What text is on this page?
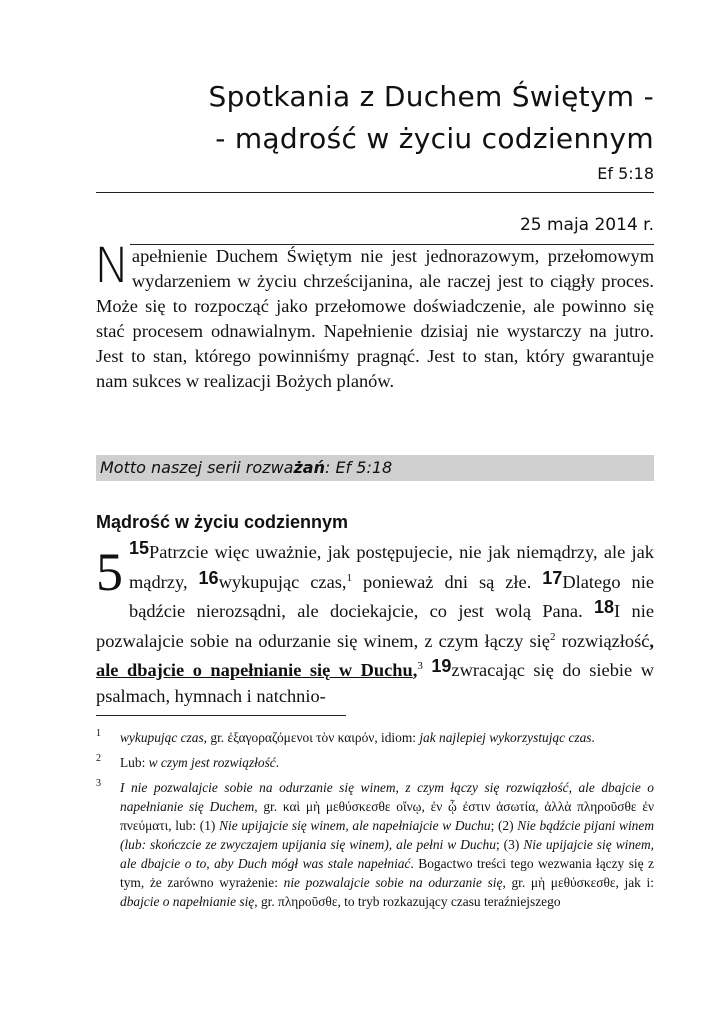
Spotkania z Duchem Świętym -
- mądrość w życiu codziennym
Ef 5:18
25 maja 2014 r.
Napełnienie Duchem Świętym nie jest jednorazowym, przełomowym wydarzeniem w życiu chrześcijanina, ale raczej jest to ciągły proces. Może się to rozpocząć jako przełomowe doświadczenie, ale powinno się stać procesem odnawialnym. Napełnienie dzisiaj nie wystarczy na jutro. Jest to stan, którego powinniśmy pragnąć. Jest to stan, który gwarantuje nam sukces w realizacji Bożych planów.
Motto naszej serii rozważań: Ef 5:18
Mądrość w życiu codziennym
5 15Patrzcie więc uważnie, jak postępujecie, nie jak niemądrzy, ale jak mądrzy, 16wykupując czas,$^1$ ponieważ dni są złe. 17Dlatego nie bądźcie nierozsądni, ale dociekajcie, co jest wolą Pana. 18I nie pozwalajcie sobie na odurzanie się winem, z czym łączy się$^2$ rozwiązłość, ale dbajcie o napełnianie się w Duchu,$^3$ 19zwracając się do siebie w psalmach, hymnach i natchnio-
1 wykupując czas, gr. ἐξαγοραζόμενοι τὸν καιρόν, idiom: jak najlepiej wykorzystując czas.
2 Lub: w czym jest rozwiązłość.
3 I nie pozwalajcie sobie na odurzanie się winem, z czym łączy się rozwiązłość, ale dbajcie o napełnianie się Duchem, gr. καὶ μὴ μεθύσκεσθε οἴνῳ, ἐν ᾧ ἐστιν ἀσωτία, ἀλλὰ πληροῦσθε ἐν πνεύματι, lub: (1) Nie upijajcie się winem, ale napełniajcie w Duchu; (2) Nie bądźcie pijani winem (lub: skończcie ze zwyczajem upijania się winem), ale pełni w Duchu; (3) Nie upijajcie się winem, ale dbajcie o to, aby Duch mógł was stale napełniać. Bogactwo treści tego wezwania łączy się z tym, że zarówno wyrażenie: nie pozwalajcie sobie na odurzanie się, gr. μὴ μεθύσκεσθε, jak i: dbajcie o napełnianie się, gr. πληροῦσθε, to tryb rozkazujący czasu teraźniejszego
